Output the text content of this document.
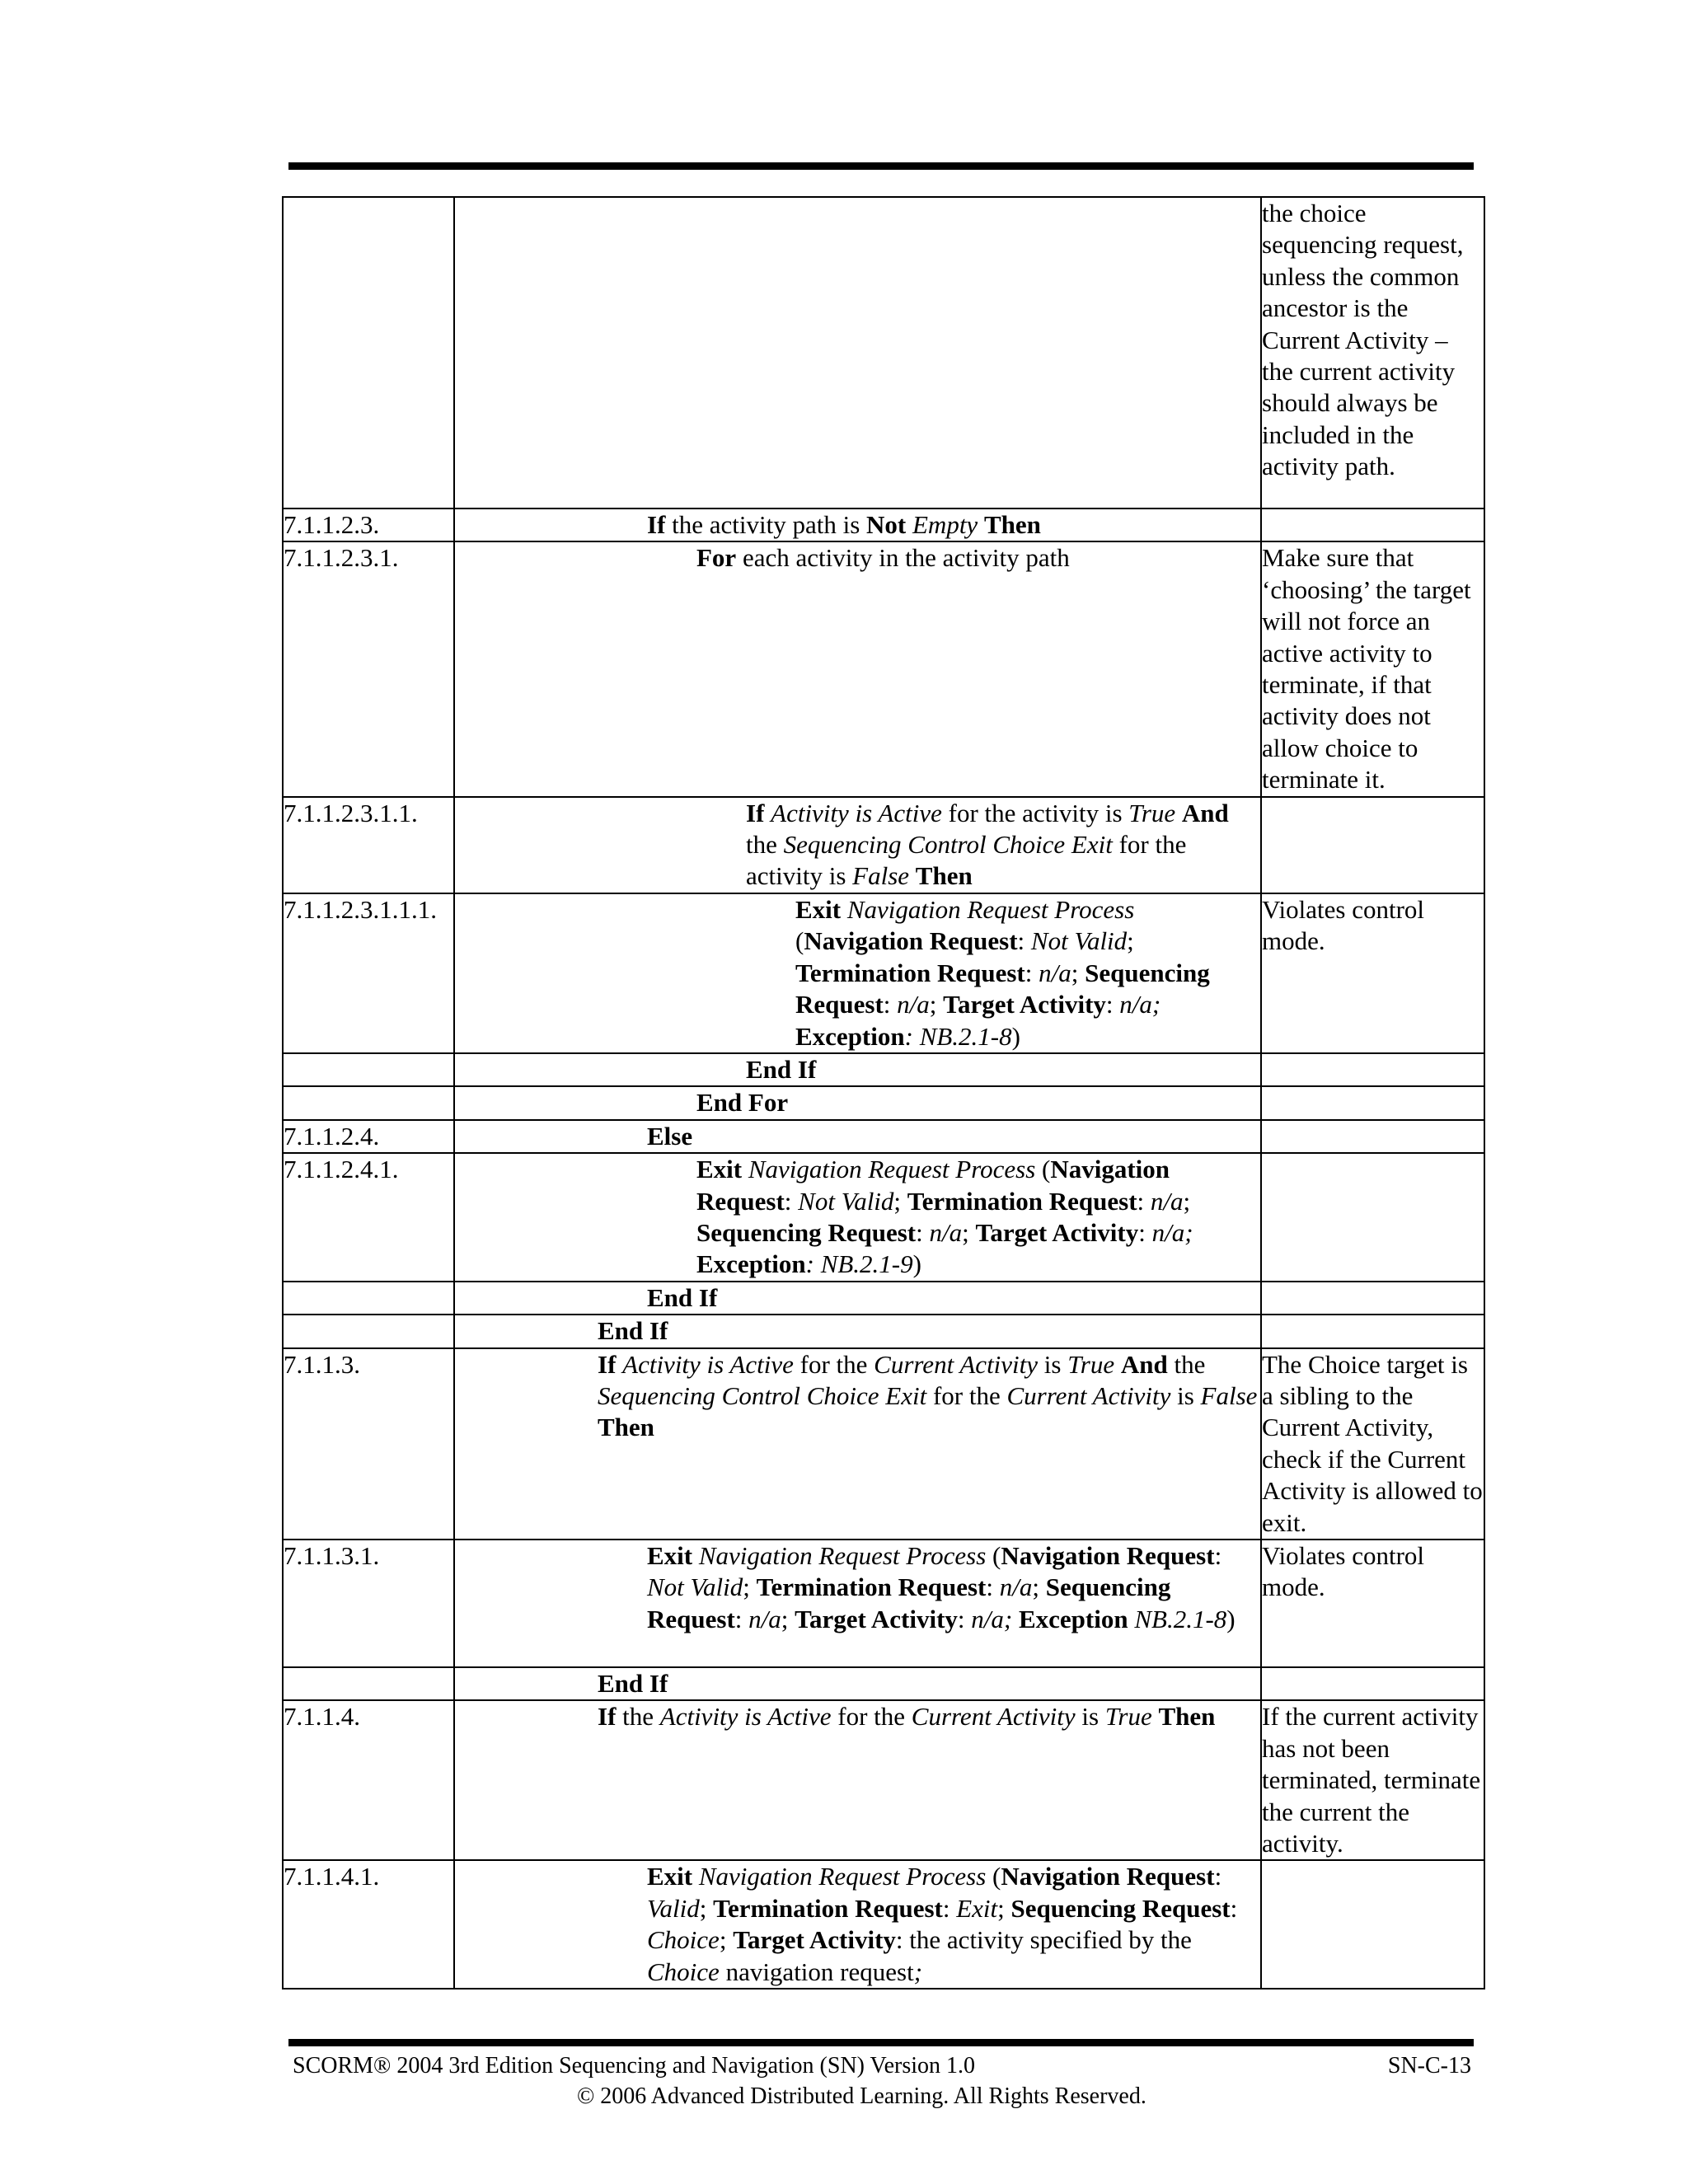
		the choice sequencing request, unless the common ancestor is the Current Activity – the current activity should always be included in the activity path.
7.1.1.2.3.	If the activity path is Not Empty Then	
7.1.1.2.3.1.	For each activity in the activity path	Make sure that ‘choosing’ the target will not force an active activity to terminate, if that activity does not allow choice to terminate it.
7.1.1.2.3.1.1.	If Activity is Active for the activity is True And the Sequencing Control Choice Exit for the activity is False Then	
7.1.1.2.3.1.1.1.	Exit Navigation Request Process (Navigation Request: Not Valid; Termination Request: n/a; Sequencing Request: n/a; Target Activity: n/a; Exception: NB.2.1-8)	Violates control mode.
	End If	
	End For	
7.1.1.2.4.	Else	
7.1.1.2.4.1.	Exit Navigation Request Process (Navigation Request: Not Valid; Termination Request: n/a; Sequencing Request: n/a; Target Activity: n/a; Exception: NB.2.1-9)	
	End If	
	End If	
7.1.1.3.	If Activity is Active for the Current Activity is True And the Sequencing Control Choice Exit for the Current Activity is False Then	The Choice target is a sibling to the Current Activity, check if the Current Activity is allowed to exit.
7.1.1.3.1.	Exit Navigation Request Process (Navigation Request: Not Valid; Termination Request: n/a; Sequencing Request: n/a; Target Activity: n/a; Exception NB.2.1-8)	Violates control mode.
	End If	
7.1.1.4.	If the Activity is Active for the Current Activity is True Then	If the current activity has not been terminated, terminate the current the activity.
7.1.1.4.1.	Exit Navigation Request Process (Navigation Request: Valid; Termination Request: Exit; Sequencing Request: Choice; Target Activity: the activity specified by the Choice navigation request;	
SCORM® 2004 3rd Edition Sequencing and Navigation (SN) Version 1.0	SN-C-13
© 2006 Advanced Distributed Learning. All Rights Reserved.
